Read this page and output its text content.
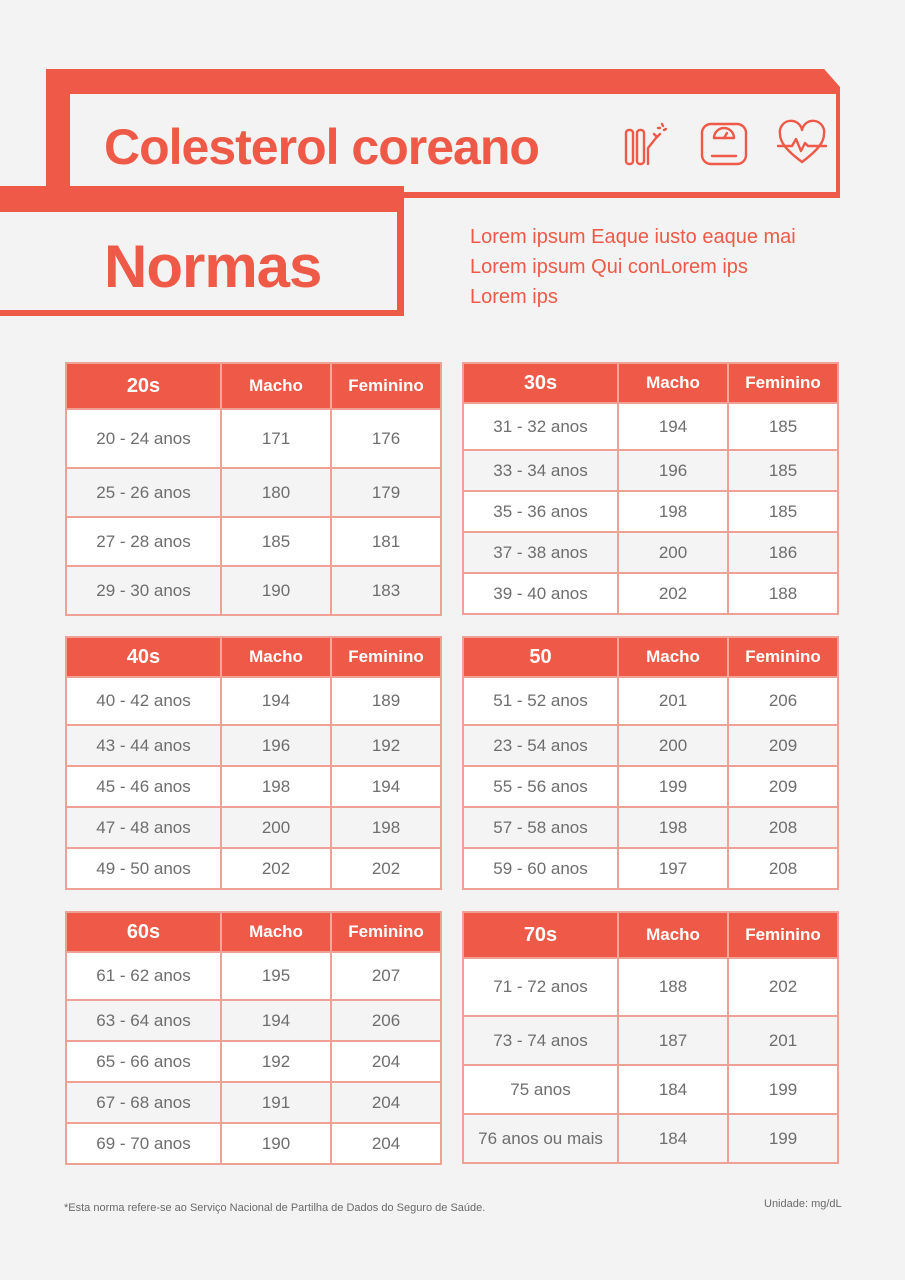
Colesterol coreano
Normas	Lorem ipsum Eaque iusto eaque mai
Lorem ipsum Qui conLorem ips
Lorem ips
20s	Macho	Feminino
20 - 24 anos	171	176
25 - 26 anos	180	179
27 - 28 anos	185	181
29 - 30 anos	190	183
30s	Macho	Feminino
31 - 32 anos	194	185
33 - 34 anos	196	185
35 - 36 anos	198	185
37 - 38 anos	200	186
39 - 40 anos	202	188
40s	Macho	Feminino
40 - 42 anos	194	189
43 - 44 anos	196	192
45 - 46 anos	198	194
47 - 48 anos	200	198
49 - 50 anos	202	202
50	Macho	Feminino
51 - 52 anos	201	206
23 - 54 anos	200	209
55 - 56 anos	199	209
57 - 58 anos	198	208
59 - 60 anos	197	208
60s	Macho	Feminino
61 - 62 anos	195	207
63 - 64 anos	194	206
65 - 66 anos	192	204
67 - 68 anos	191	204
69 - 70 anos	190	204
70s	Macho	Feminino
71 - 72 anos	188	202
73 - 74 anos	187	201
75 anos	184	199
76 anos ou mais	184	199
*Esta norma refere-se ao Serviço Nacional de Partilha de Dados do Seguro de Saúde.	Unidade: mg/dL
